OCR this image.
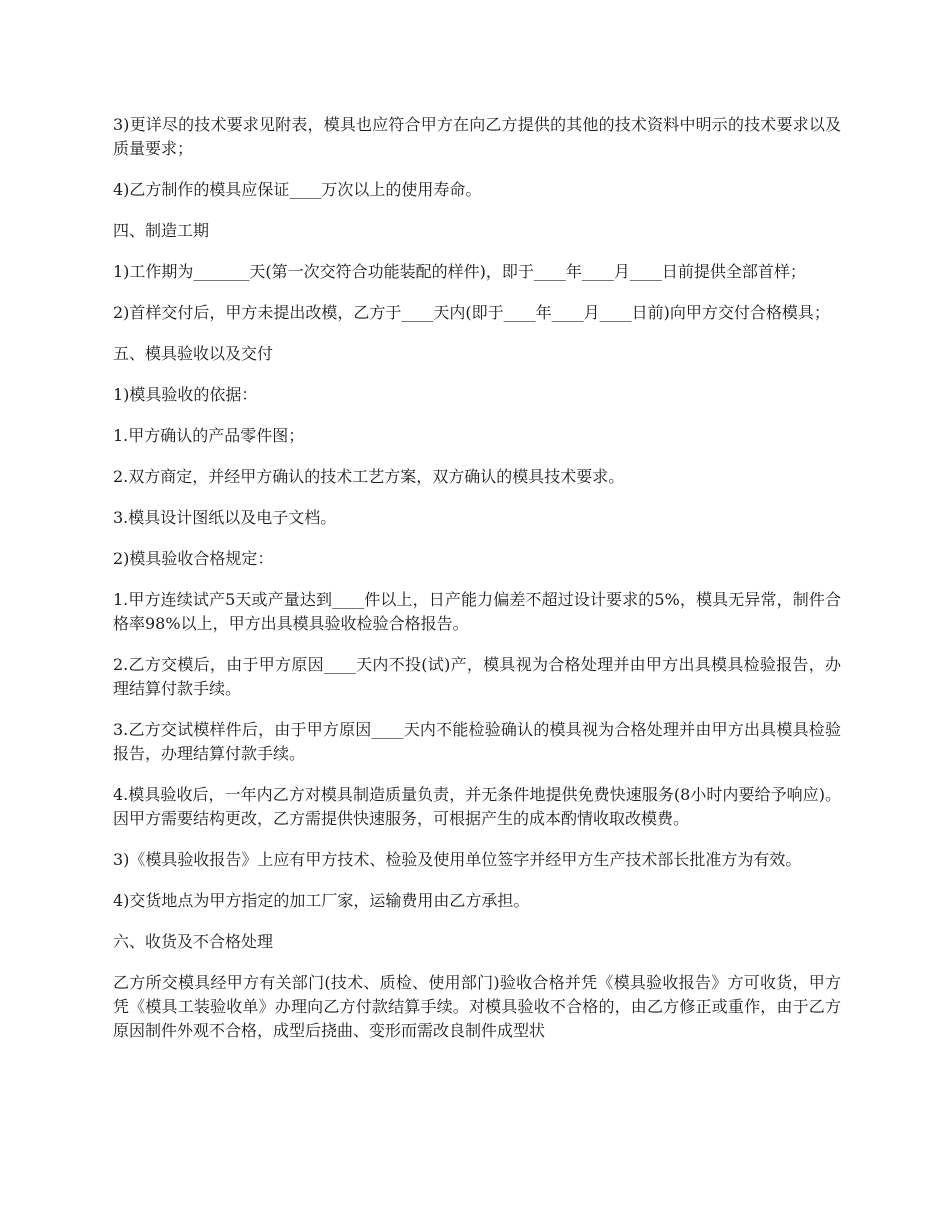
3)更详尽的技术要求见附表，模具也应符合甲方在向乙方提供的其他的技术资料中明示的技术要求以及质量要求；

4)乙方制作的模具应保证____万次以上的使用寿命。

四、制造工期

1)工作期为_______天(第一次交符合功能装配的样件)，即于____年____月____日前提供全部首样；

2)首样交付后，甲方未提出改模，乙方于____天内(即于____年____月____日前)向甲方交付合格模具；

五、模具验收以及交付

1)模具验收的依据：

1.甲方确认的产品零件图；

2.双方商定，并经甲方确认的技术工艺方案，双方确认的模具技术要求。

3.模具设计图纸以及电子文档。

2)模具验收合格规定：

1.甲方连续试产5天或产量达到____件以上，日产能力偏差不超过设计要求的5%，模具无异常，制件合格率98%以上，甲方出具模具验收检验合格报告。

2.乙方交模后，由于甲方原因____天内不投(试)产，模具视为合格处理并由甲方出具模具检验报告，办理结算付款手续。

3.乙方交试模样件后，由于甲方原因____天内不能检验确认的模具视为合格处理并由甲方出具模具检验报告，办理结算付款手续。

4.模具验收后，一年内乙方对模具制造质量负责，并无条件地提供免费快速服务(8小时内要给予响应)。因甲方需要结构更改，乙方需提供快速服务，可根据产生的成本酌情收取改模费。

3)《模具验收报告》上应有甲方技术、检验及使用单位签字并经甲方生产技术部长批准方为有效。

4)交货地点为甲方指定的加工厂家，运输费用由乙方承担。

六、收货及不合格处理

乙方所交模具经甲方有关部门(技术、质检、使用部门)验收合格并凭《模具验收报告》方可收货，甲方凭《模具工装验收单》办理向乙方付款结算手续。对模具验收不合格的，由乙方修正或重作，由于乙方原因制件外观不合格，成型后挠曲、变形而需改良制件成型状
